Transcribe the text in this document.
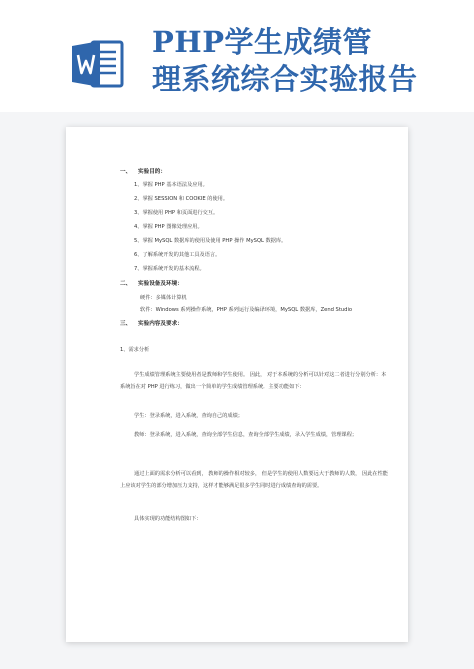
PHP学生成绩管
理系统综合实验报告
一、 实验目的：
1、掌握 PHP 基本语法及应用。
2、掌握 SESSION 和 COOKIE 的使用。
3、掌握使用 PHP 和页面进行交互。
4、掌握 PHP 图像处理应用。
5、掌握 MySQL 数据库的使用及使用 PHP 操作 MySQL 数据库。
6、了解系统开发的其他工具及语言。
7、掌握系统开发的基本流程。
二、 实验设备及环境：
硬件：多媒体计算机
软件：Windows 系列操作系统，PHP 系列运行及编译环境，MySQL 数据库，Zend Studio
三、 实验内容及要求：
1、需求分析
学生成绩管理系统主要使用者是教师和学生使用。 因此， 对于本系统的分析可以针对这二者进行分别分析：本系统旨在对 PHP 进行练习，做出一个简单的学生成绩管理系统．主要功能如下：
学生：登录系统，进入系统，查询自己的成绩；
教师：登录系统，进入系统，查询全部学生信息，查询全部学生成绩，录入学生成绩，管理课程；
通过上面的需求分析可以看到， 教师的操作相对较多， 但是学生的使用人数要远大于教师的人数， 因此在性能上应该对学生的部分增加压力支持，这样才能够满足很多学生同时进行成绩查询的需要。
具体实现的功能结构图如下：
